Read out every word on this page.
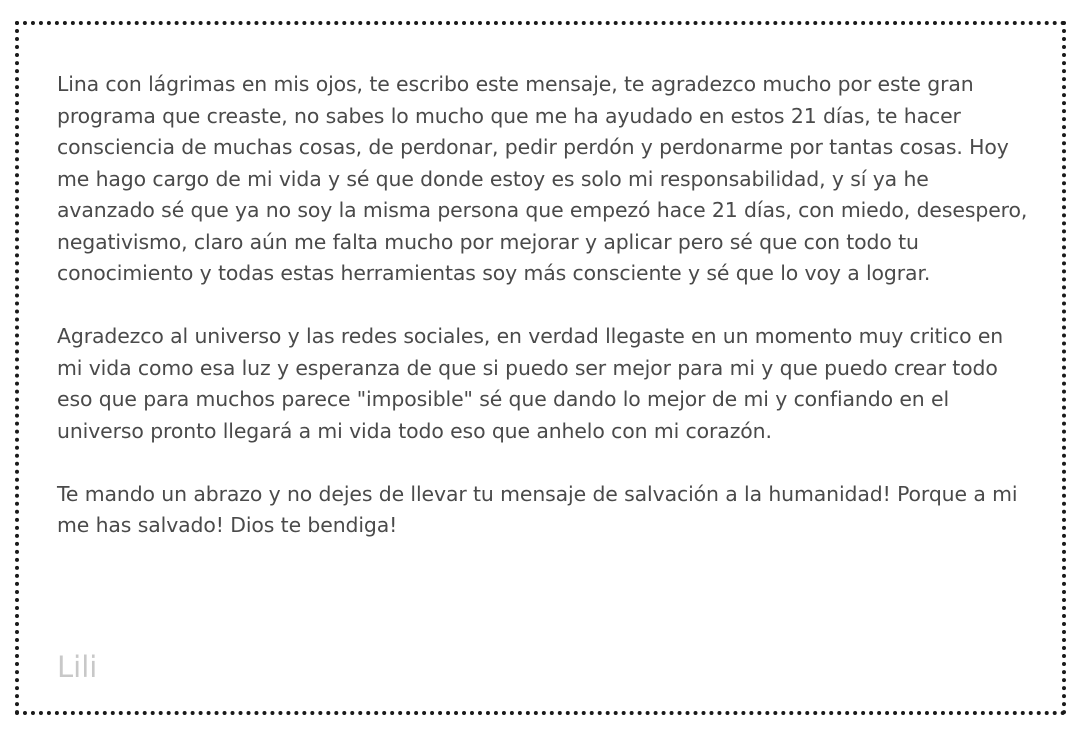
Lina con lágrimas en mis ojos, te escribo este mensaje, te agradezco mucho por este gran programa que creaste, no sabes lo mucho que me ha ayudado en estos 21 días, te hacer consciencia de muchas cosas, de perdonar, pedir perdón y perdonarme por tantas cosas. Hoy me hago cargo de mi vida y sé que donde estoy es solo mi responsabilidad, y sí ya he avanzado sé que ya no soy la misma persona que empezó hace 21 días, con miedo, desespero, negativismo, claro aún me falta mucho por mejorar y aplicar pero sé que con todo tu conocimiento y todas estas herramientas soy más consciente y sé que lo voy a lograr.

Agradezco al universo y las redes sociales, en verdad llegaste en un momento muy critico en mi vida como esa luz y esperanza de que si puedo ser mejor para mi y que puedo crear todo eso que para muchos parece "imposible" sé que dando lo mejor de mi y confiando en el universo pronto llegará a mi vida todo eso que anhelo con mi corazón.

Te mando un abrazo y no dejes de llevar tu mensaje de salvación a la humanidad! Porque a mi me has salvado! Dios te bendiga!

Lili
